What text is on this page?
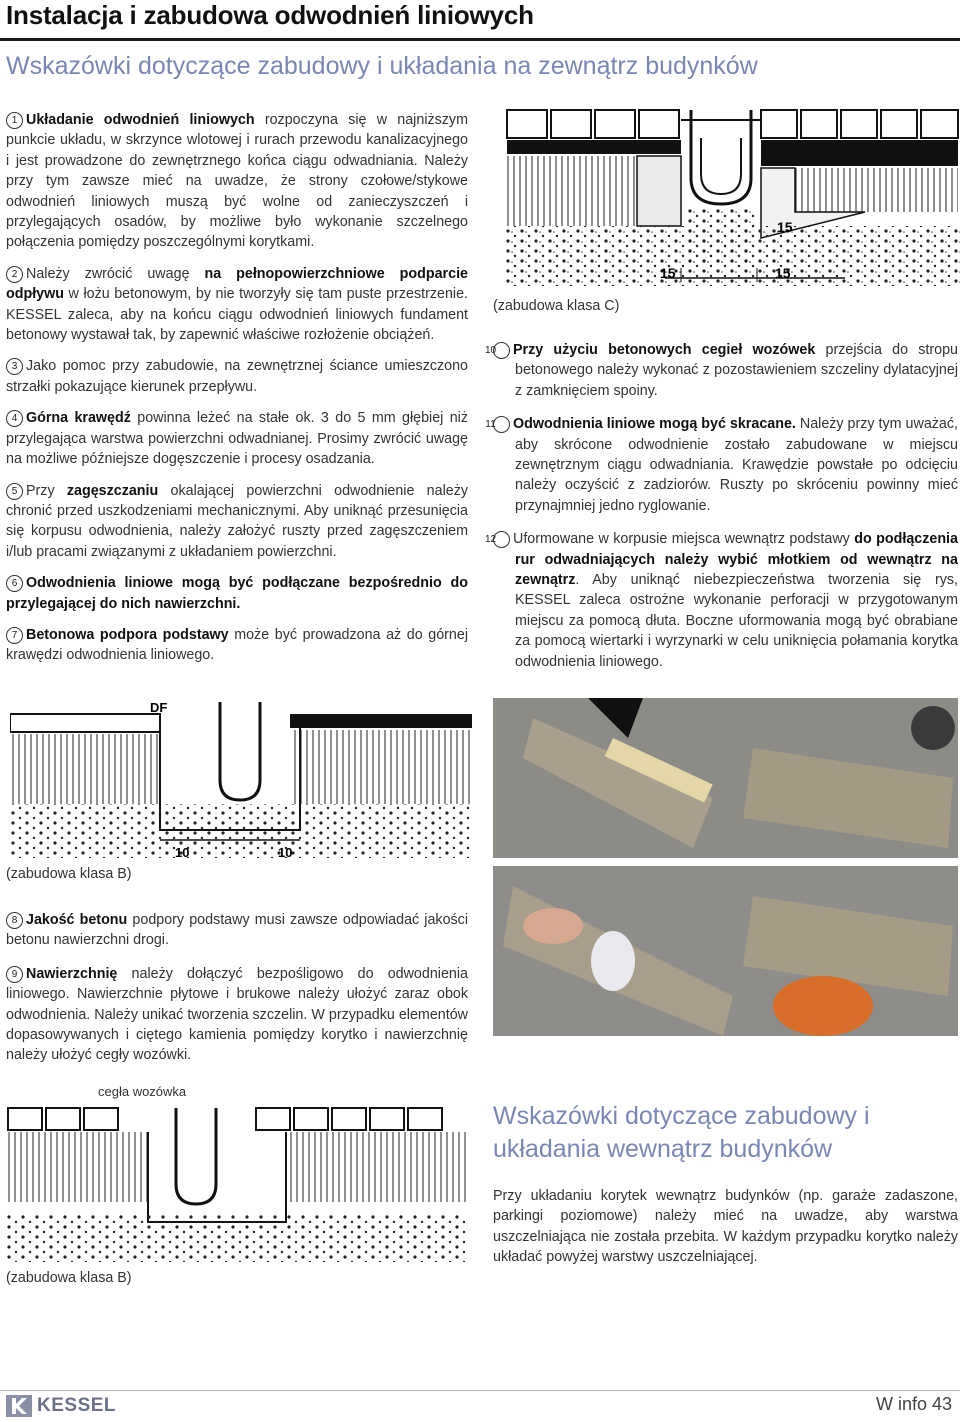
Instalacja i zabudowa odwodnień liniowych
Wskazówki dotyczące zabudowy i układania na zewnątrz budynków

1 Układanie odwodnień liniowych rozpoczyna się w najniższym punkcie układu, w skrzynce wlotowej i rurach przewodu kanalizacyjnego i jest prowadzone do zewnętrznego końca ciągu odwadniania. Należy przy tym zawsze mieć na uwadze, że strony czołowe/stykowe odwodnień liniowych muszą być wolne od zanieczyszczeń i przylegających osadów, by możliwe było wykonanie szczelnego połączenia pomiędzy poszczególnymi korytkami.

2 Należy zwrócić uwagę na pełnopowierzchniowe podparcie odpływu w łożu betonowym, by nie tworzyły się tam puste przestrzenie. KESSEL zaleca, aby na końcu ciągu odwodnień liniowych fundament betonowy wystawał tak, by zapewnić właściwe rozłożenie obciążeń.

3 Jako pomoc przy zabudowie, na zewnętrznej ściance umieszczono strzałki pokazujące kierunek przepływu.

4 Górna krawędź powinna leżeć na stałe ok. 3 do 5 mm głębiej niż przylegająca warstwa powierzchni odwadnianej. Prosimy zwrócić uwagę na możliwe późniejsze dogęszczenie i procesy osadzania.

5 Przy zagęszczaniu okalającej powierzchni odwodnienie należy chronić przed uszkodzeniami mechanicznymi. Aby uniknąć przesunięcia się korpusu odwodnienia, należy założyć ruszty przed zagęszczeniem i/lub pracami związanymi z układaniem powierzchni.

6 Odwodnienia liniowe mogą być podłączane bezpośrednio do przylegającej do nich nawierzchni.

7 Betonowa podpora podstawy może być prowadzona aż do górnej krawędzi odwodnienia liniowego.

15	15
15
(zabudowa klasa C)

10 Przy użyciu betonowych cegieł wozówek przejścia do stropu betonowego należy wykonać z pozostawieniem szczeliny dylatacyjnej z zamknięciem spoiny.

11 Odwodnienia liniowe mogą być skracane. Należy przy tym uważać, aby skrócone odwodnienie zostało zabudowane w miejscu zewnętrznym ciągu odwadniania. Krawędzie powstałe po odcięciu należy oczyścić z zadziorów. Ruszty po skróceniu powinny mieć przynajmniej jedno ryglowanie.

12 Uformowane w korpusie miejsca wewnątrz podstawy do podłączenia rur odwadniających należy wybić młotkiem od wewnątrz na zewnątrz. Aby uniknąć niebezpieczeństwa tworzenia się rys, KESSEL zaleca ostrożne wykonanie perforacji w przygotowanym miejscu za pomocą dłuta. Boczne uformowania mogą być obrabiane za pomocą wiertarki i wyrzynarki w celu uniknięcia połamania korytka odwodnienia liniowego.

10	10
DF
(zabudowa klasa B)

8 Jakość betonu podpory podstawy musi zawsze odpowiadać jakości betonu nawierzchni drogi.

9 Nawierzchnię należy dołączyć bezpośligowo do odwodnienia liniowego. Nawierzchnie płytowe i brukowe należy ułożyć zaraz obok odwodnienia. Należy unikać tworzenia szczelin. W przypadku elementów dopasowywanych i ciętego kamienia pomiędzy korytko i nawierzchnię należy ułożyć cegły wozówki.

cegła wozówka
(zabudowa klasa B)
Wskazówki dotyczące zabudowy i układania wewnątrz budynków

Przy układaniu korytek wewnątrz budynków (np. garaże zadaszone, parkingi poziomowe) należy mieć na uwadze, aby warstwa uszczelniająca nie została przebita. W każdym przypadku korytko należy układać powyżej warstwy uszczelniającej.

KESSEL	W info 43
